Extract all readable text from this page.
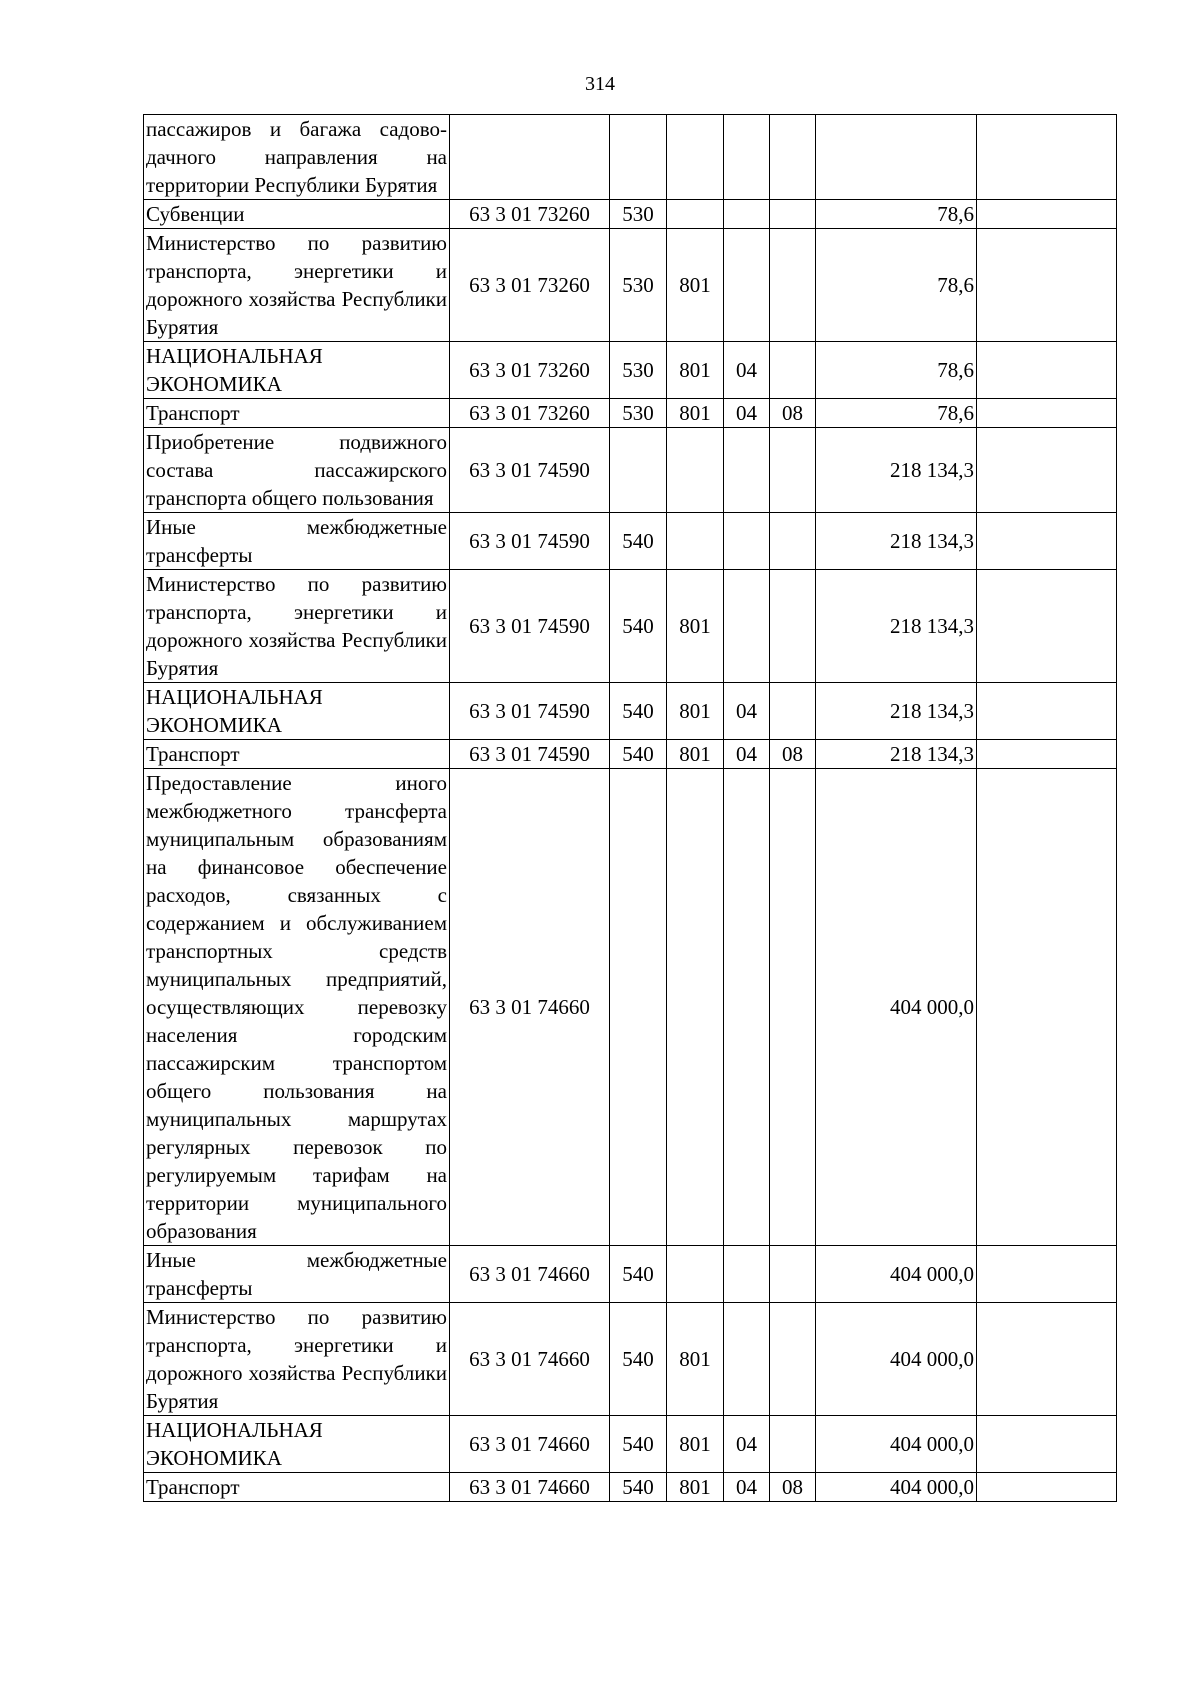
314
пассажиров и багажа садово-дачного направления на территории Республики Бурятия							
Субвенции	63 3 01 73260	530				78,6	
Министерство по развитию транспорта, энергетики и дорожного хозяйства Республики Бурятия	63 3 01 73260	530	801			78,6	
НАЦИОНАЛЬНАЯ ЭКОНОМИКА	63 3 01 73260	530	801	04		78,6	
Транспорт	63 3 01 73260	530	801	04	08	78,6	
Приобретение подвижного состава пассажирского транспорта общего пользования	63 3 01 74590					218 134,3	
Иные межбюджетные трансферты	63 3 01 74590	540				218 134,3	
Министерство по развитию транспорта, энергетики и дорожного хозяйства Республики Бурятия	63 3 01 74590	540	801			218 134,3	
НАЦИОНАЛЬНАЯ ЭКОНОМИКА	63 3 01 74590	540	801	04		218 134,3	
Транспорт	63 3 01 74590	540	801	04	08	218 134,3	
Предоставление иного межбюджетного трансферта муниципальным образованиям на финансовое обеспечение расходов, связанных с содержанием и обслуживанием транспортных средств муниципальных предприятий, осуществляющих перевозку населения городским пассажирским транспортом общего пользования на муниципальных маршрутах регулярных перевозок по регулируемым тарифам на территории муниципального образования	63 3 01 74660					404 000,0	
Иные межбюджетные трансферты	63 3 01 74660	540				404 000,0	
Министерство по развитию транспорта, энергетики и дорожного хозяйства Республики Бурятия	63 3 01 74660	540	801			404 000,0	
НАЦИОНАЛЬНАЯ ЭКОНОМИКА	63 3 01 74660	540	801	04		404 000,0	
Транспорт	63 3 01 74660	540	801	04	08	404 000,0	
